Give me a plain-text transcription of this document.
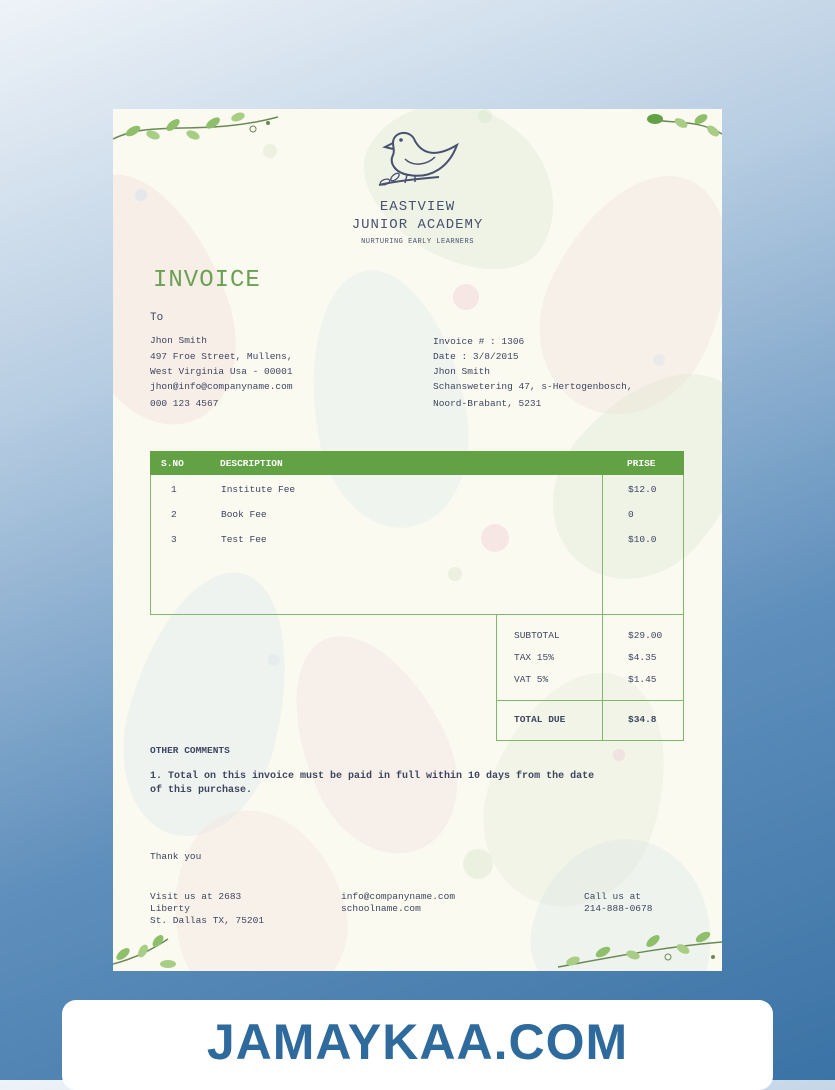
EASTVIEW
JUNIOR ACADEMY
NURTURING EARLY LEARNERS
INVOICE
To
Jhon Smith
497 Froe Street, Mullens,
West Virginia Usa - 00001
jhon@info@companyname.com
000 123 4567
Invoice # : 1306
Date : 3/8/2015
Jhon Smith
Schanswetering 47, s-Hertogenbosch,
Noord-Brabant, 5231
S.NO	DESCRIPTION	PRISE
1	Institute Fee	$12.0
2	Book Fee	0
3	Test Fee	$10.0
SUBTOTAL	$29.00
TAX 15%	$4.35
VAT 5%	$1.45
TOTAL DUE	$34.8
OTHER COMMENTS
1. Total on this invoice must be paid in full within 10 days from the date
of this purchase.
Thank you
Visit us at 2683
Liberty
St. Dallas TX, 75201
info@companyname.com
schoolname.com
Call us at
214-888-0678
JAMAYKAA.COM
